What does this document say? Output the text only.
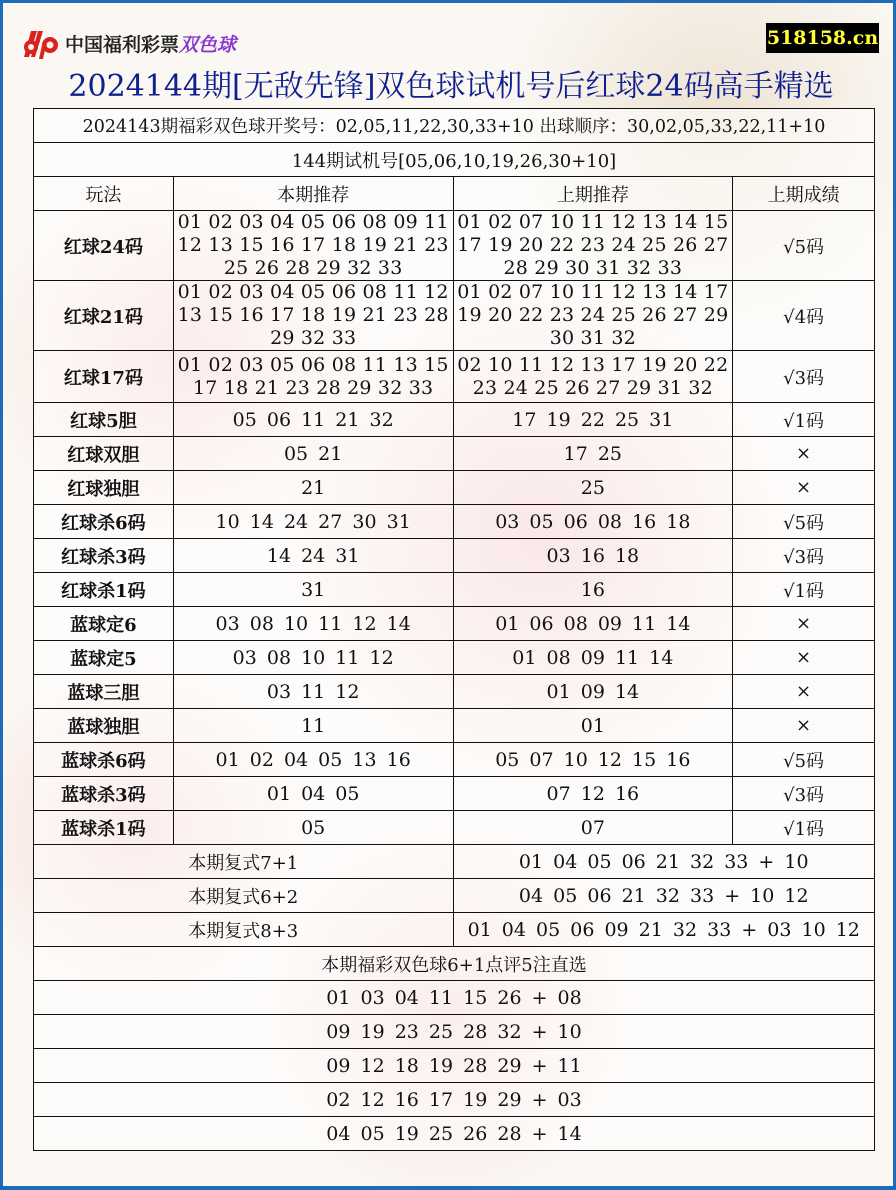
中国福利彩票双色球	518158.cn
2024144期[无敌先锋]双色球试机号后红球24码高手精选
2024143期福彩双色球开奖号：02,05,11,22,30,33+10 出球顺序：30,02,05,33,22,11+10			
144期试机号[05,06,10,19,26,30+10]			
玩法	本期推荐	上期推荐	上期成绩
红球24码	
01 02 03 04 05 06 08 09 11
12 13 15 16 17 18 19 21 23
25 26 28 29 32 33

01 02 07 10 11 12 13 14 15
17 19 20 22 23 24 25 26 27
28 29 30 31 32 33
	√5码
红球21码	
01 02 03 04 05 06 08 11 12
13 15 16 17 18 19 21 23 28
29 32 33

01 02 07 10 11 12 13 14 17
19 20 22 23 24 25 26 27 29
30 31 32
	√4码
红球17码	
01 02 03 05 06 08 11 13 15
17 18 21 23 28 29 32 33

02 10 11 12 13 17 19 20 22
23 24 25 26 27 29 31 32	√3码
红球5胆	05 06 11 21 32	17 19 22 25 31	√1码
红球双胆	05 21	17 25	×
红球独胆	21	25	×
红球杀6码	10 14 24 27 30 31	03 05 06 08 16 18	√5码
红球杀3码	14 24 31	03 16 18	√3码
红球杀1码	31	16	√1码
蓝球定6	03 08 10 11 12 14	01 06 08 09 11 14	×
蓝球定5	03 08 10 11 12	01 08 09 11 14	×
蓝球三胆	03 11 12	01 09 14	×
蓝球独胆	11	01	×
蓝球杀6码	01 02 04 05 13 16	05 07 10 12 15 16	√5码
蓝球杀3码	01 04 05	07 12 16	√3码
蓝球杀1码	05	07	√1码
本期复式7+1		01 04 05 06 21 32 33 + 10	
本期复式6+2		04 05 06 21 32 33 + 10 12	
本期复式8+3		01 04 05 06 09 21 32 33 + 03 10 12	
本期福彩双色球6+1点评5注直选			
01 03 04 11 15 26 + 08			
09 19 23 25 28 32 + 10			
09 12 18 19 28 29 + 11			
02 12 16 17 19 29 + 03			
04 05 19 25 26 28 + 14			
